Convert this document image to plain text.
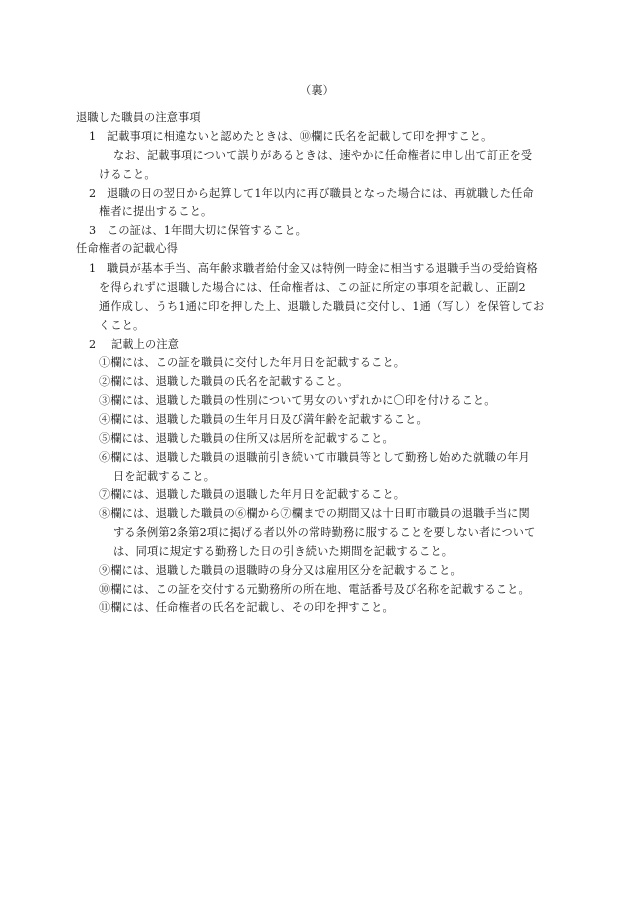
（裏）
退職した職員の注意事項
1 記載事項に相違ないと認めたときは、⑩欄に氏名を記載して印を押すこと。
なお、記載事項について誤りがあるときは、速やかに任命権者に申し出て訂正を受
けること。
2 退職の日の翌日から起算して1年以内に再び職員となった場合には、再就職した任命
権者に提出すること。
3 この証は、1年間大切に保管すること。
任命権者の記載心得
1 職員が基本手当、高年齢求職者給付金又は特例一時金に相当する退職手当の受給資格
を得られずに退職した場合には、任命権者は、この証に所定の事項を記載し、正副2
通作成し、うち1通に印を押した上、退職した職員に交付し、1通（写し）を保管してお
くこと。
2 記載上の注意
①欄には、この証を職員に交付した年月日を記載すること。
②欄には、退職した職員の氏名を記載すること。
③欄には、退職した職員の性別について男女のいずれかに〇印を付けること。
④欄には、退職した職員の生年月日及び満年齢を記載すること。
⑤欄には、退職した職員の住所又は居所を記載すること。
⑥欄には、退職した職員の退職前引き続いて市職員等として勤務し始めた就職の年月
日を記載すること。
⑦欄には、退職した職員の退職した年月日を記載すること。
⑧欄には、退職した職員の⑥欄から⑦欄までの期間又は十日町市職員の退職手当に関
する条例第2条第2項に掲げる者以外の常時勤務に服することを要しない者について
は、同項に規定する勤務した日の引き続いた期間を記載すること。
⑨欄には、退職した職員の退職時の身分又は雇用区分を記載すること。
⑩欄には、この証を交付する元勤務所の所在地、電話番号及び名称を記載すること。
⑪欄には、任命権者の氏名を記載し、その印を押すこと。
